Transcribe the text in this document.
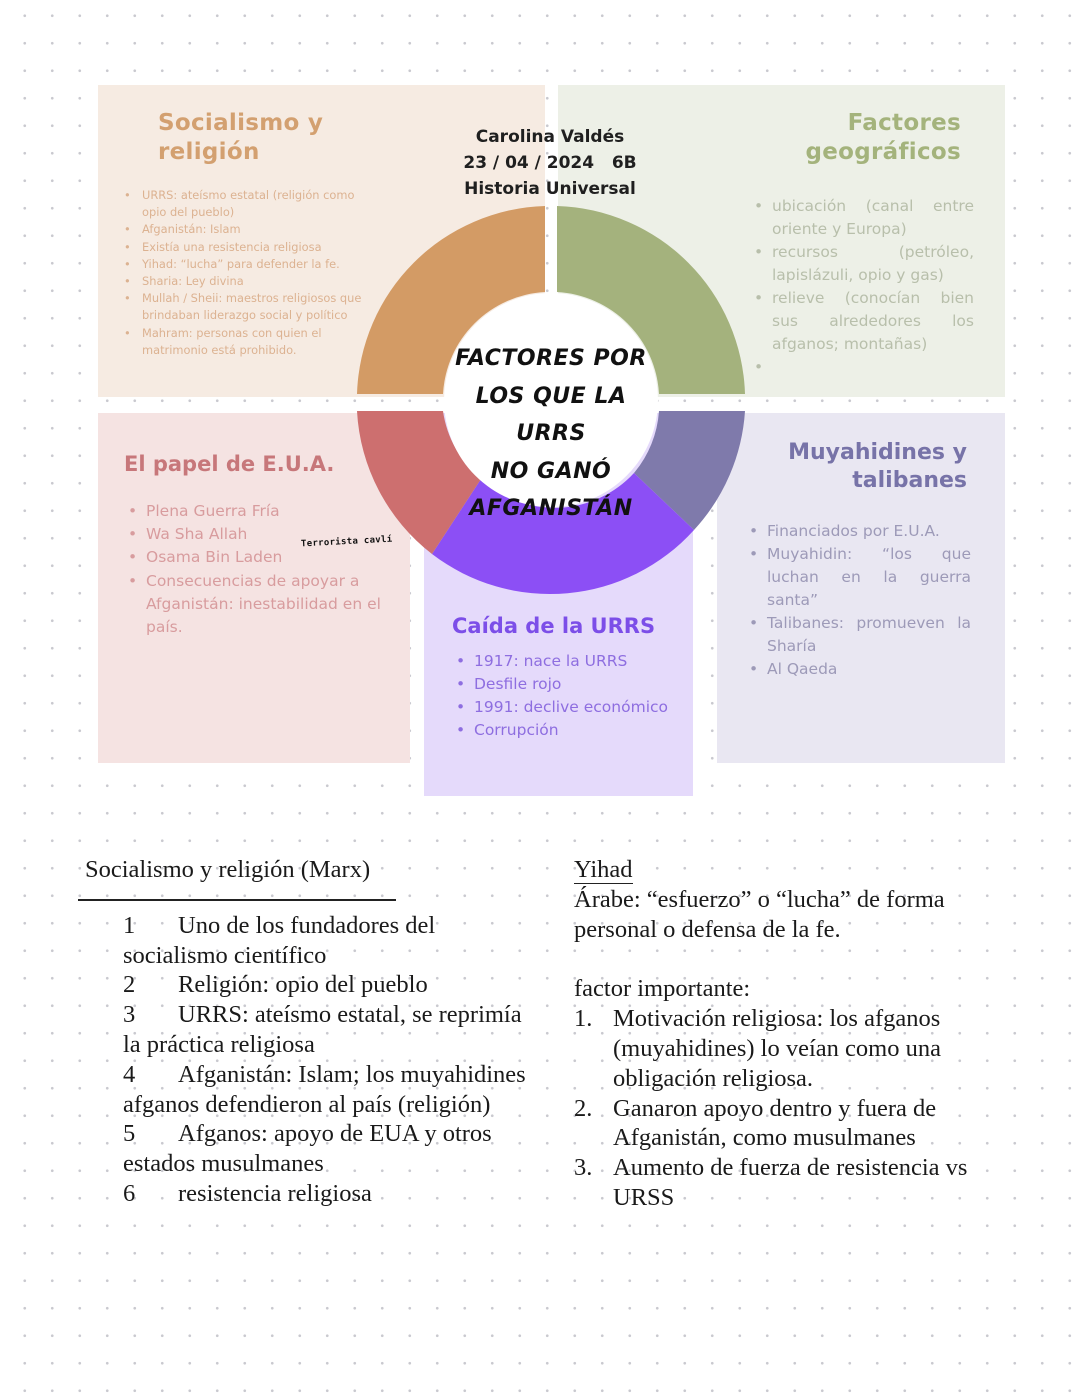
Socialismo y
religión
• URRS: ateísmo estatal (religión como opio del pueblo)
• Afganistán: Islam
• Existía una resistencia religiosa
• Yihad: “lucha” para defender la fe.
• Sharia: Ley divina
• Mullah / Sheii: maestros religiosos que brindaban liderazgo social y político
• Mahram: personas con quien el matrimonio está prohibido.
Factores
geográficos
• ubicación (canal entre oriente y Europa)
• recursos (petróleo, lapislázuli, opio y gas)
• relieve (conocían bien sus alrededores los afganos; montañas)
•
El papel de E.U.A.
• Plena Guerra Fría
• Wa Sha Allah
• Osama Bin Laden
• Consecuencias de apoyar a Afganistán: inestabilidad en el país.
Terrorista cavlí
Caída de la URRS
• 1917: nace la URRS
• Desfile rojo
• 1991: declive económico
• Corrupción
Muyahidines y
talibanes
• Financiados por E.U.A.
• Muyahidin: “los que luchan en la guerra santa”
• Talibanes: promueven la Sharía
• Al Qaeda
Carolina Valdés
23 / 04 / 2024   6B
Historia Universal
FACTORES POR
LOS QUE LA URRS
NO GANÓ
AFGANISTÁN
Socialismo y religión (Marx)
1 Uno de los fundadores del socialismo científico
2 Religión: opio del pueblo
3 URRS: ateísmo estatal, se reprimía la práctica religiosa
4 Afganistán: Islam; los muyahidines afganos defendieron al país (religión)
5 Afganos: apoyo de EUA y otros estados musulmanes
6 resistencia religiosa
Yihad
Árabe: “esfuerzo” o “lucha” de forma personal o defensa de la fe.
factor importante:
1. Motivación religiosa: los afganos (muyahidines) lo veían como una obligación religiosa.
2. Ganaron apoyo dentro y fuera de Afganistán, como musulmanes
3. Aumento de fuerza de resistencia vs URSS
